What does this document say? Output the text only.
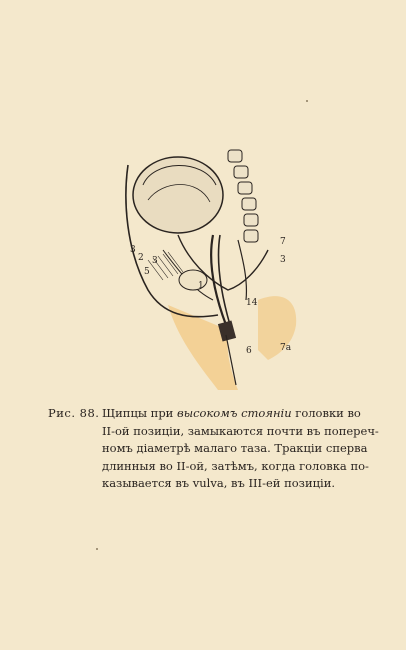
3
2 3
5
1
14
6
7
3
7a
Рис. 88. Щипцы при высокомъ стояніи головки во
II-ой позиціи, замыкаются почти въ попереч-
номъ діаметрѣ малаго таза. Тракціи сперва
длинныя во II-ой, затѣмъ, когда головка по-
казывается въ vulva, въ III-ей позиціи.
